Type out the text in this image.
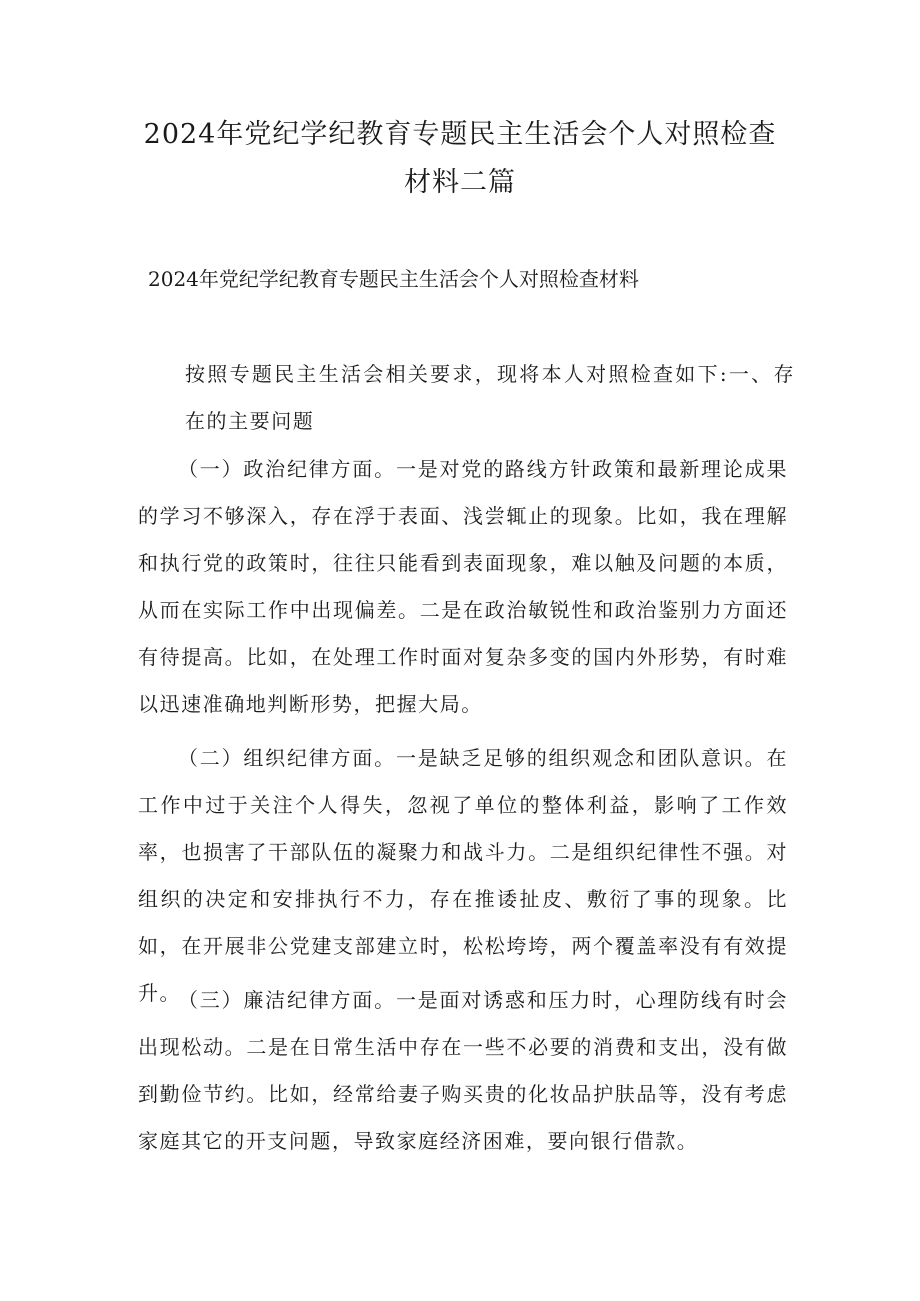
2024年党纪学纪教育专题民主生活会个人对照检查
材料二篇
2024年党纪学纪教育专题民主生活会个人对照检查材料

按照专题民主生活会相关要求，现将本人对照检查如下:一、存在的主要问题

（一）政治纪律方面。一是对党的路线方针政策和最新理论成果的学习不够深入，存在浮于表面、浅尝辄止的现象。比如，我在理解和执行党的政策时，往往只能看到表面现象，难以触及问题的本质，从而在实际工作中出现偏差。二是在政治敏锐性和政治鉴别力方面还有待提高。比如，在处理工作时面对复杂多变的国内外形势，有时难以迅速准确地判断形势，把握大局。

（二）组织纪律方面。一是缺乏足够的组织观念和团队意识。在工作中过于关注个人得失，忽视了单位的整体利益，影响了工作效率，也损害了干部队伍的凝聚力和战斗力。二是组织纪律性不强。对组织的决定和安排执行不力，存在推诿扯皮、敷衍了事的现象。比如，在开展非公党建支部建立时，松松垮垮，两个覆盖率没有有效提升。

（三）廉洁纪律方面。一是面对诱惑和压力时，心理防线有时会出现松动。二是在日常生活中存在一些不必要的消费和支出，没有做到勤俭节约。比如，经常给妻子购买贵的化妆品护肤品等，没有考虑家庭其它的开支问题，导致家庭经济困难，要向银行借款。
